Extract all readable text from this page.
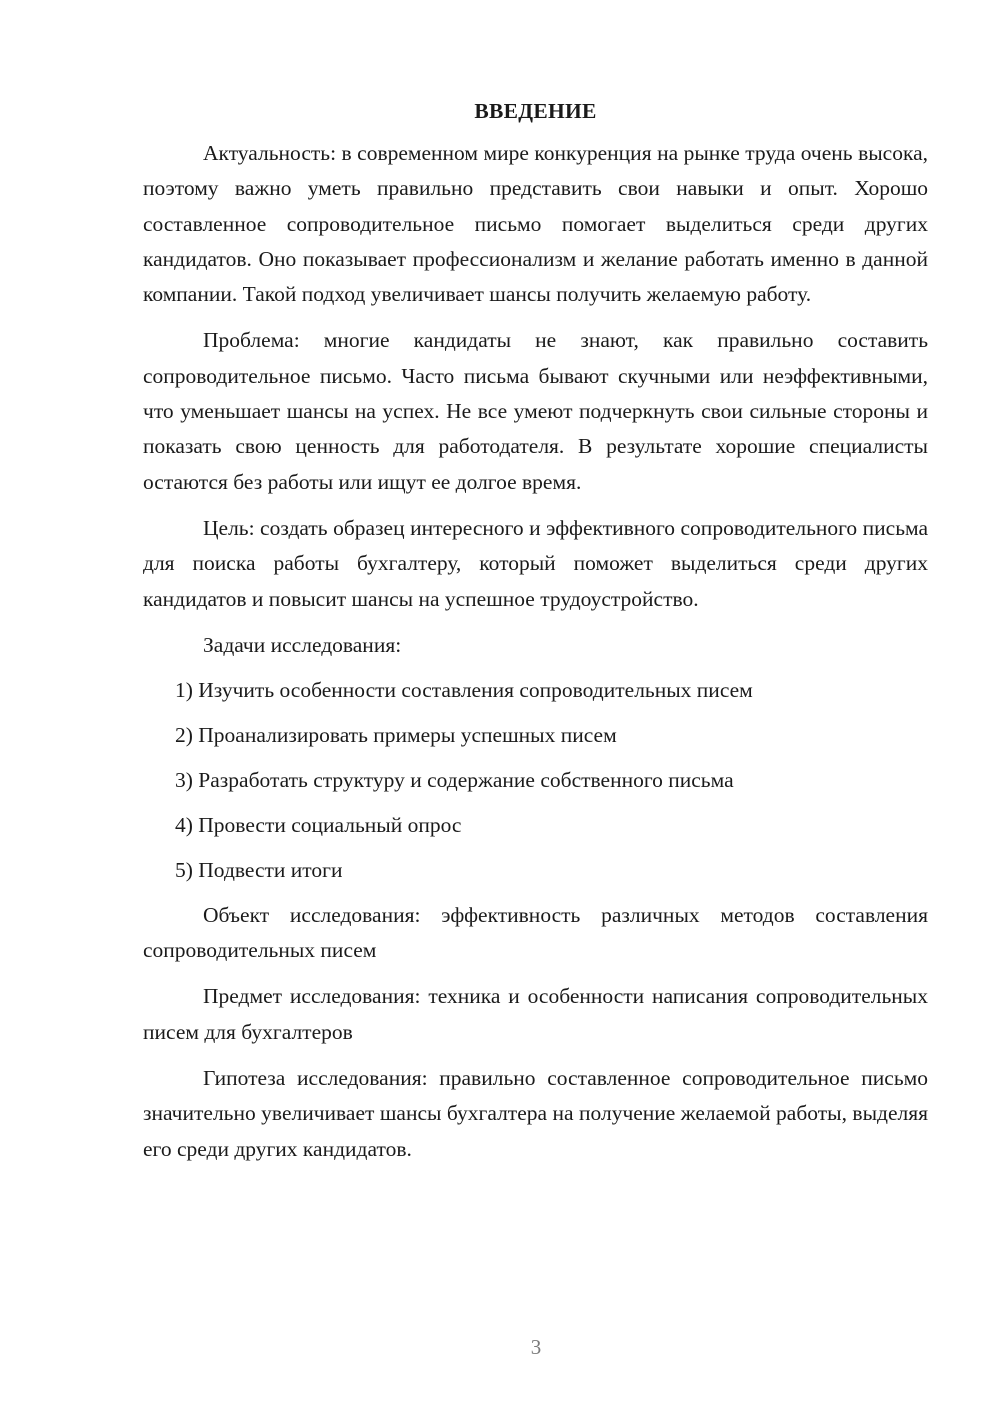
ВВЕДЕНИЕ

Актуальность: в современном мире конкуренция на рынке труда очень высока, поэтому важно уметь правильно представить свои навыки и опыт. Хорошо составленное сопроводительное письмо помогает выделиться среди других кандидатов. Оно показывает профессионализм и желание работать именно в данной компании. Такой подход увеличивает шансы получить желаемую работу.

Проблема: многие кандидаты не знают, как правильно составить сопроводительное письмо. Часто письма бывают скучными или неэффективными, что уменьшает шансы на успех. Не все умеют подчеркнуть свои сильные стороны и показать свою ценность для работодателя. В результате хорошие специалисты остаются без работы или ищут ее долгое время.

Цель: создать образец интересного и эффективного сопроводительного письма для поиска работы бухгалтеру, который поможет выделиться среди других кандидатов и повысит шансы на успешное трудоустройство.

Задачи исследования:

1) Изучить особенности составления сопроводительных писем
2) Проанализировать примеры успешных писем
3) Разработать структуру и содержание собственного письма
4) Провести социальный опрос
5) Подвести итоги

Объект исследования: эффективность различных методов составления сопроводительных писем

Предмет исследования: техника и особенности написания сопроводительных писем для бухгалтеров

Гипотеза исследования: правильно составленное сопроводительное письмо значительно увеличивает шансы бухгалтера на получение желаемой работы, выделяя его среди других кандидатов.

3
